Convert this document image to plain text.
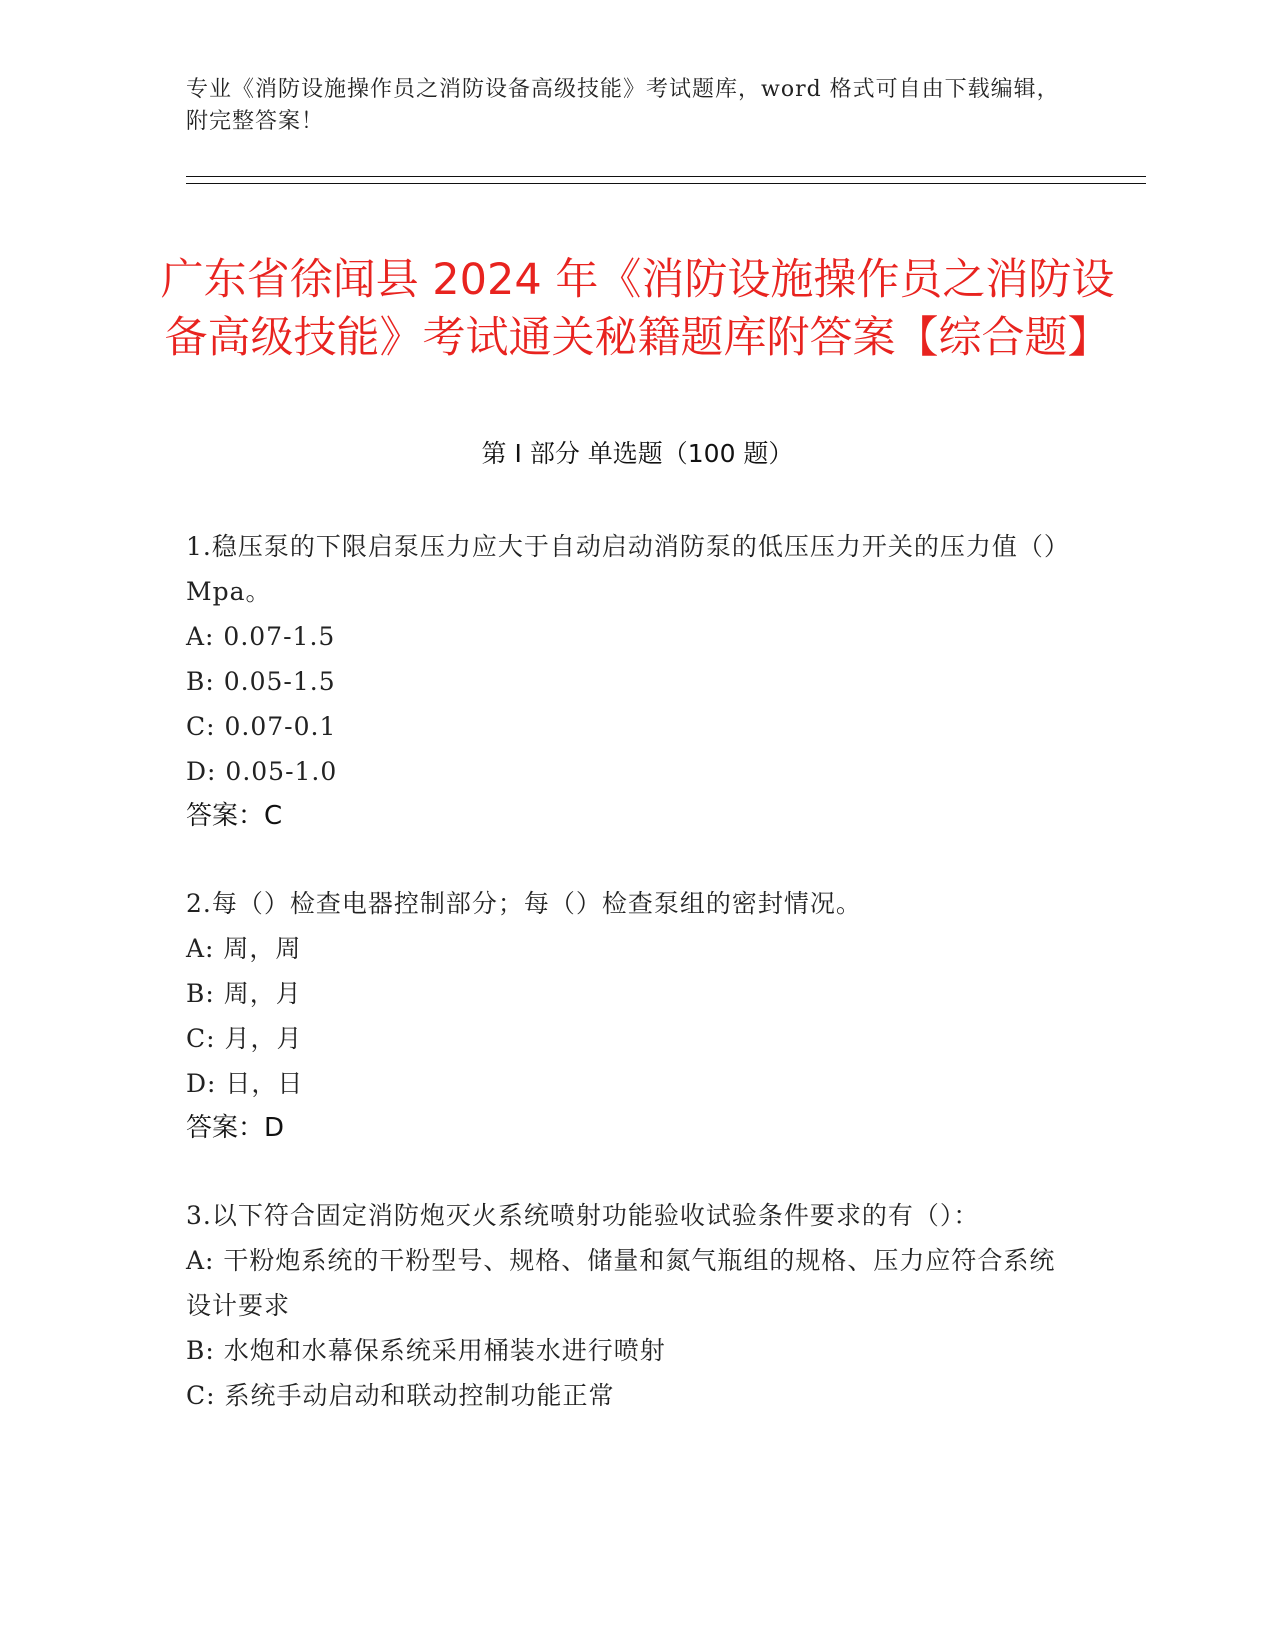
专业《消防设施操作员之消防设备高级技能》考试题库，word 格式可自由下载编辑，附完整答案！
广东省徐闻县 2024 年《消防设施操作员之消防设备高级技能》考试通关秘籍题库附答案【综合题】
第 I 部分 单选题（100 题）
1.稳压泵的下限启泵压力应大于自动启动消防泵的低压压力开关的压力值（）Mpa。
A: 0.07-1.5
B: 0.05-1.5
C: 0.07-0.1
D: 0.05-1.0
答案：C
2.每（）检查电器控制部分；每（）检查泵组的密封情况。
A: 周，周
B: 周，月
C: 月，月
D: 日，日
答案：D
3.以下符合固定消防炮灭火系统喷射功能验收试验条件要求的有（）：
A: 干粉炮系统的干粉型号、规格、储量和氮气瓶组的规格、压力应符合系统设计要求
B: 水炮和水幕保系统采用桶装水进行喷射
C: 系统手动启动和联动控制功能正常
